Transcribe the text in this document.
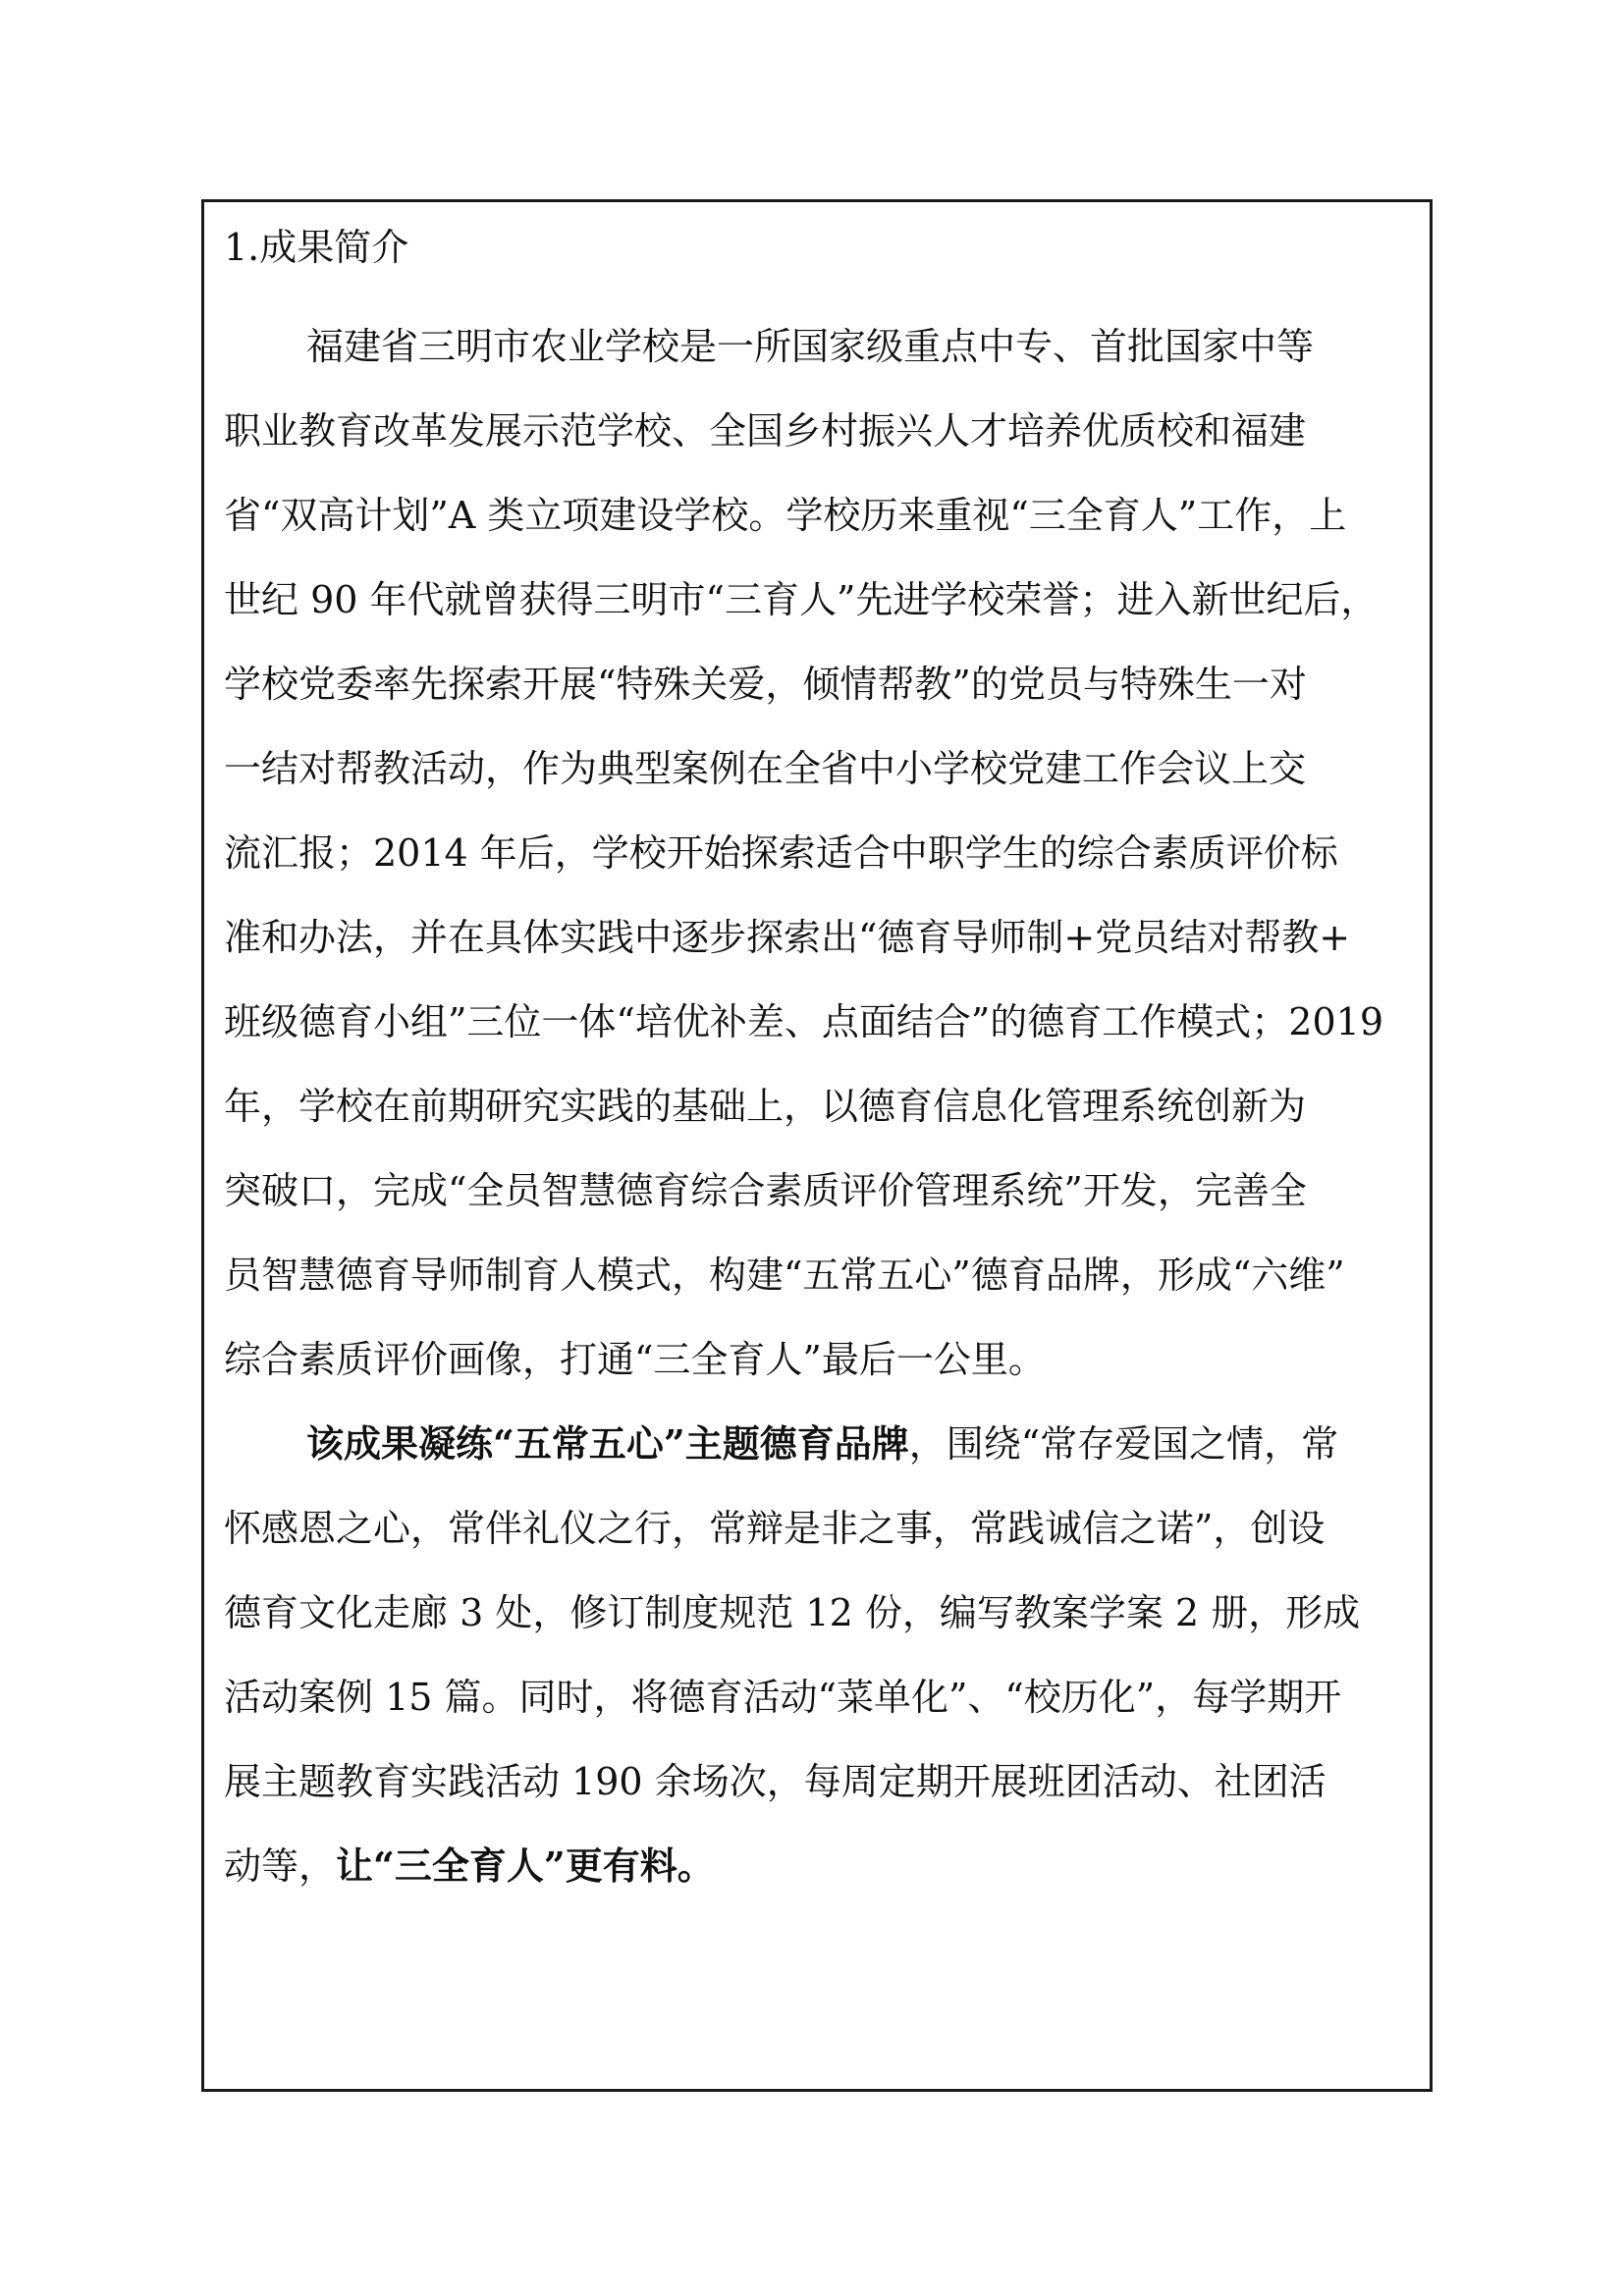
1.成果简介
福建省三明市农业学校是一所国家级重点中专、首批国家中等
职业教育改革发展示范学校、全国乡村振兴人才培养优质校和福建
省“双高计划”A 类立项建设学校。学校历来重视“三全育人”工作，上
世纪 90 年代就曾获得三明市“三育人”先进学校荣誉；进入新世纪后，
学校党委率先探索开展“特殊关爱，倾情帮教”的党员与特殊生一对
一结对帮教活动，作为典型案例在全省中小学校党建工作会议上交
流汇报；2014 年后，学校开始探索适合中职学生的综合素质评价标
准和办法，并在具体实践中逐步探索出“德育导师制+党员结对帮教+
班级德育小组”三位一体“培优补差、点面结合”的德育工作模式；2019
年，学校在前期研究实践的基础上，以德育信息化管理系统创新为
突破口，完成“全员智慧德育综合素质评价管理系统”开发，完善全
员智慧德育导师制育人模式，构建“五常五心”德育品牌，形成“六维”
综合素质评价画像，打通“三全育人”最后一公里。
该成果凝练“五常五心”主题德育品牌，围绕“常存爱国之情，常
怀感恩之心，常伴礼仪之行，常辩是非之事，常践诚信之诺”，创设
德育文化走廊 3 处，修订制度规范 12 份，编写教案学案 2 册，形成
活动案例 15 篇。同时，将德育活动“菜单化”、“校历化”，每学期开
展主题教育实践活动 190 余场次，每周定期开展班团活动、社团活
动等，让“三全育人”更有料。
